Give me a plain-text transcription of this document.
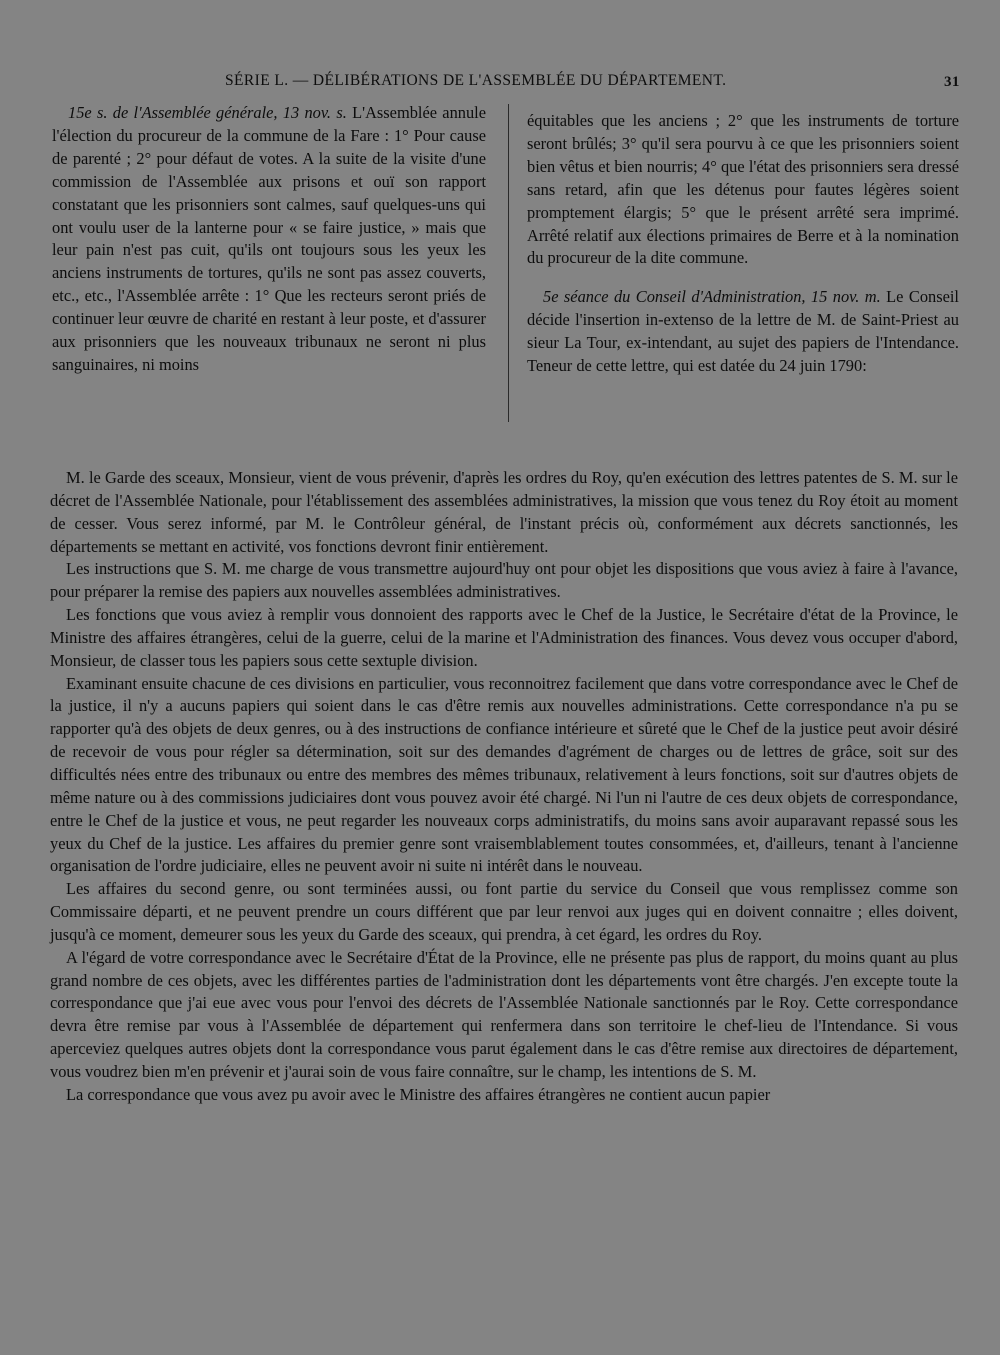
SÉRIE L. — DÉLIBÉRATIONS DE L'ASSEMBLÉE DU DÉPARTEMENT.	31

15e s. de l'Assemblée générale, 13 nov. s. L'Assemblée annule l'élection du procureur de la commune de la Fare : 1° Pour cause de parenté ; 2° pour défaut de votes. A la suite de la visite d'une commission de l'Assemblée aux prisons et ouï son rapport constatant que les prisonniers sont calmes, sauf quelques-uns qui ont voulu user de la lanterne pour « se faire justice, » mais que leur pain n'est pas cuit, qu'ils ont toujours sous les yeux les anciens instruments de tortures, qu'ils ne sont pas assez couverts, etc., etc., l'Assemblée arrête : 1° Que les recteurs seront priés de continuer leur œuvre de charité en restant à leur poste, et d'assurer aux prisonniers que les nouveaux tribunaux ne seront ni plus sanguinaires, ni moins

équitables que les anciens ; 2° que les instruments de torture seront brûlés; 3° qu'il sera pourvu à ce que les prisonniers soient bien vêtus et bien nourris; 4° que l'état des prisonniers sera dressé sans retard, afin que les détenus pour fautes légères soient promptement élargis; 5° que le présent arrêté sera imprimé. Arrêté relatif aux élections primaires de Berre et à la nomination du procureur de la dite commune.

5e séance du Conseil d'Administration, 15 nov. m. Le Conseil décide l'insertion in-extenso de la lettre de M. de Saint-Priest au sieur La Tour, ex-intendant, au sujet des papiers de l'Intendance. Teneur de cette lettre, qui est datée du 24 juin 1790:

M. le Garde des sceaux, Monsieur, vient de vous prévenir, d'après les ordres du Roy, qu'en exécution des lettres patentes de S. M. sur le décret de l'Assemblée Nationale, pour l'établissement des assemblées administratives, la mission que vous tenez du Roy étoit au moment de cesser. Vous serez informé, par M. le Contrôleur général, de l'instant précis où, conformément aux décrets sanctionnés, les départements se mettant en activité, vos fonctions devront finir entièrement.

Les instructions que S. M. me charge de vous transmettre aujourd'huy ont pour objet les dispositions que vous aviez à faire à l'avance, pour préparer la remise des papiers aux nouvelles assemblées administratives.

Les fonctions que vous aviez à remplir vous donnoient des rapports avec le Chef de la Justice, le Secrétaire d'état de la Province, le Ministre des affaires étrangères, celui de la guerre, celui de la marine et l'Administration des finances. Vous devez vous occuper d'abord, Monsieur, de classer tous les papiers sous cette sextuple division.

Examinant ensuite chacune de ces divisions en particulier, vous reconnoitrez facilement que dans votre correspondance avec le Chef de la justice, il n'y a aucuns papiers qui soient dans le cas d'être remis aux nouvelles administrations. Cette correspondance n'a pu se rapporter qu'à des objets de deux genres, ou à des instructions de confiance intérieure et sûreté que le Chef de la justice peut avoir désiré de recevoir de vous pour régler sa détermination, soit sur des demandes d'agrément de charges ou de lettres de grâce, soit sur des difficultés nées entre des tribunaux ou entre des membres des mêmes tribunaux, relativement à leurs fonctions, soit sur d'autres objets de même nature ou à des commissions judiciaires dont vous pouvez avoir été chargé. Ni l'un ni l'autre de ces deux objets de correspondance, entre le Chef de la justice et vous, ne peut regarder les nouveaux corps administratifs, du moins sans avoir auparavant repassé sous les yeux du Chef de la justice. Les affaires du premier genre sont vraisemblablement toutes consommées, et, d'ailleurs, tenant à l'ancienne organisation de l'ordre judiciaire, elles ne peuvent avoir ni suite ni intérêt dans le nouveau.

Les affaires du second genre, ou sont terminées aussi, ou font partie du service du Conseil que vous remplissez comme son Commissaire départi, et ne peuvent prendre un cours différent que par leur renvoi aux juges qui en doivent connaitre ; elles doivent, jusqu'à ce moment, demeurer sous les yeux du Garde des sceaux, qui prendra, à cet égard, les ordres du Roy.

A l'égard de votre correspondance avec le Secrétaire d'État de la Province, elle ne présente pas plus de rapport, du moins quant au plus grand nombre de ces objets, avec les différentes parties de l'administration dont les départements vont être chargés. J'en excepte toute la correspondance que j'ai eue avec vous pour l'envoi des décrets de l'Assemblée Nationale sanctionnés par le Roy. Cette correspondance devra être remise par vous à l'Assemblée de département qui renfermera dans son territoire le chef-lieu de l'Intendance. Si vous aperceviez quelques autres objets dont la correspondance vous parut également dans le cas d'être remise aux directoires de département, vous voudrez bien m'en prévenir et j'aurai soin de vous faire connaître, sur le champ, les intentions de S. M.

La correspondance que vous avez pu avoir avec le Ministre des affaires étrangères ne contient aucun papier
